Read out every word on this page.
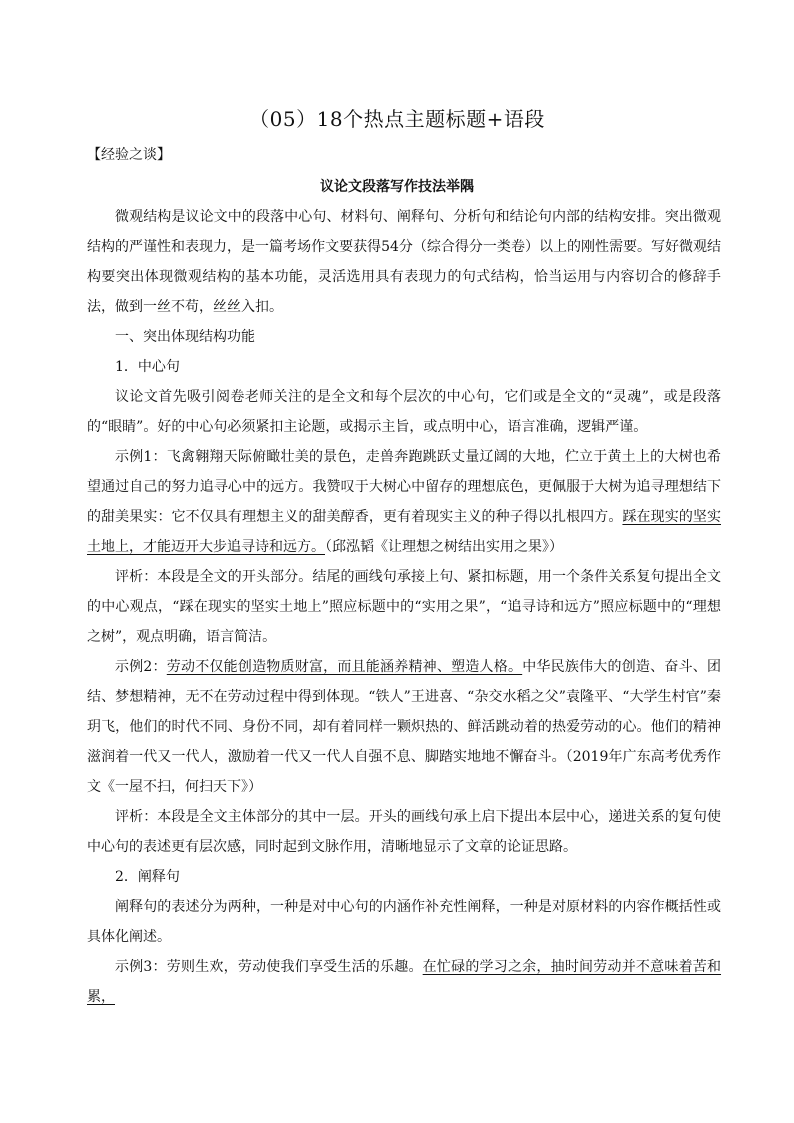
（05）18个热点主题标题+语段
【经验之谈】
议论文段落写作技法举隅

微观结构是议论文中的段落中心句、材料句、阐释句、分析句和结论句内部的结构安排。突出微观结构的严谨性和表现力，是一篇考场作文要获得54分（综合得分一类卷）以上的刚性需要。写好微观结构要突出体现微观结构的基本功能，灵活选用具有表现力的句式结构，恰当运用与内容切合的修辞手法，做到一丝不苟，丝丝入扣。

一、突出体现结构功能

1．中心句

议论文首先吸引阅卷老师关注的是全文和每个层次的中心句，它们或是全文的“灵魂”，或是段落的“眼睛”。好的中心句必须紧扣主论题，或揭示主旨，或点明中心，语言准确，逻辑严谨。

示例1：飞禽翱翔天际俯瞰壮美的景色，走兽奔跑跳跃丈量辽阔的大地，伫立于黄土上的大树也希望通过自己的努力追寻心中的远方。我赞叹于大树心中留存的理想底色，更佩服于大树为追寻理想结下的甜美果实：它不仅具有理想主义的甜美醇香，更有着现实主义的种子得以扎根四方。踩在现实的坚实土地上，才能迈开大步追寻诗和远方。（邱泓韬《让理想之树结出实用之果》）

评析：本段是全文的开头部分。结尾的画线句承接上句、紧扣标题，用一个条件关系复句提出全文的中心观点，“踩在现实的坚实土地上”照应标题中的“实用之果”，“追寻诗和远方”照应标题中的“理想之树”，观点明确，语言简洁。

示例2：劳动不仅能创造物质财富，而且能涵养精神、塑造人格。中华民族伟大的创造、奋斗、团结、梦想精神，无不在劳动过程中得到体现。“铁人”王进喜、“杂交水稻之父”袁隆平、“大学生村官”秦玥飞，他们的时代不同、身份不同，却有着同样一颗炽热的、鲜活跳动着的热爱劳动的心。他们的精神滋润着一代又一代人，激励着一代又一代人自强不息、脚踏实地地不懈奋斗。（2019年广东高考优秀作文《一屋不扫，何扫天下》）

评析：本段是全文主体部分的其中一层。开头的画线句承上启下提出本层中心，递进关系的复句使中心句的表述更有层次感，同时起到文脉作用，清晰地显示了文章的论证思路。

2．阐释句

阐释句的表述分为两种，一种是对中心句的内涵作补充性阐释，一种是对原材料的内容作概括性或具体化阐述。

示例3：劳则生欢，劳动使我们享受生活的乐趣。在忙碌的学习之余，抽时间劳动并不意味着苦和累，
